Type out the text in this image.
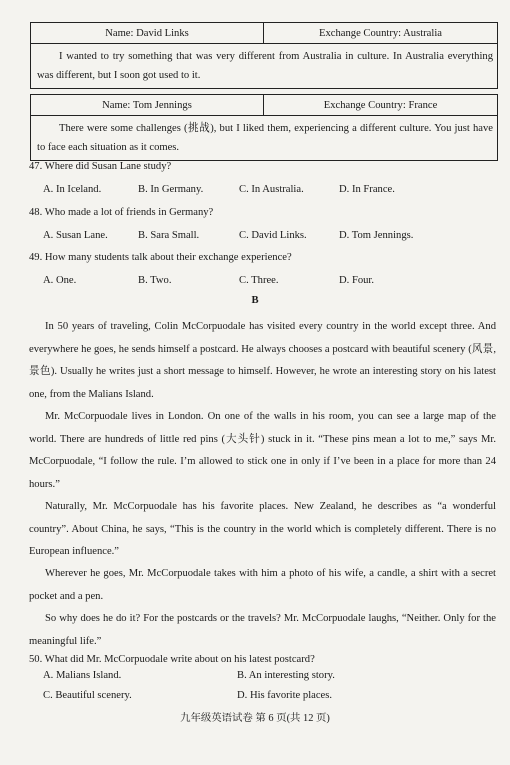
Name: David Links	Exchange Country: Australia
I wanted to try something that was very different from Australia in culture. In Australia everything was different, but I soon got used to it.
Name: Tom Jennings	Exchange Country: France
There were some challenges (挑战), but I liked them, experiencing a different culture. You just have to face each situation as it comes.
47. Where did Susan Lane study?
A. In Iceland.	B. In Germany.	C. In Australia.	D. In France.
48. Who made a lot of friends in Germany?
A. Susan Lane.	B. Sara Small.	C. David Links.	D. Tom Jennings.
49. How many students talk about their exchange experience?
A. One.	B. Two.	C. Three.	D. Four.
B
In 50 years of traveling, Colin McCorpuodale has visited every country in the world except three. And everywhere he goes, he sends himself a postcard. He always chooses a postcard with beautiful scenery (风景,景色). Usually he writes just a short message to himself. However, he wrote an interesting story on his latest one, from the Malians Island.
Mr. McCorpuodale lives in London. On one of the walls in his room, you can see a large map of the world. There are hundreds of little red pins (大头针) stuck in it. “These pins mean a lot to me,” says Mr. McCorpuodale, “I follow the rule. I’m allowed to stick one in only if I’ve been in a place for more than 24 hours.”
Naturally, Mr. McCorpuodale has his favorite places. New Zealand, he describes as “a wonderful country”. About China, he says, “This is the country in the world which is completely different. There is no European influence.”
Wherever he goes, Mr. McCorpuodale takes with him a photo of his wife, a candle, a shirt with a secret pocket and a pen.
So why does he do it? For the postcards or the travels? Mr. McCorpuodale laughs, “Neither. Only for the meaningful life.”
50. What did Mr. McCorpuodale write about on his latest postcard?
A. Malians Island.	B. An interesting story.
C. Beautiful scenery.	D. His favorite places.
九年级英语试卷 第 6 页(共 12 页)
